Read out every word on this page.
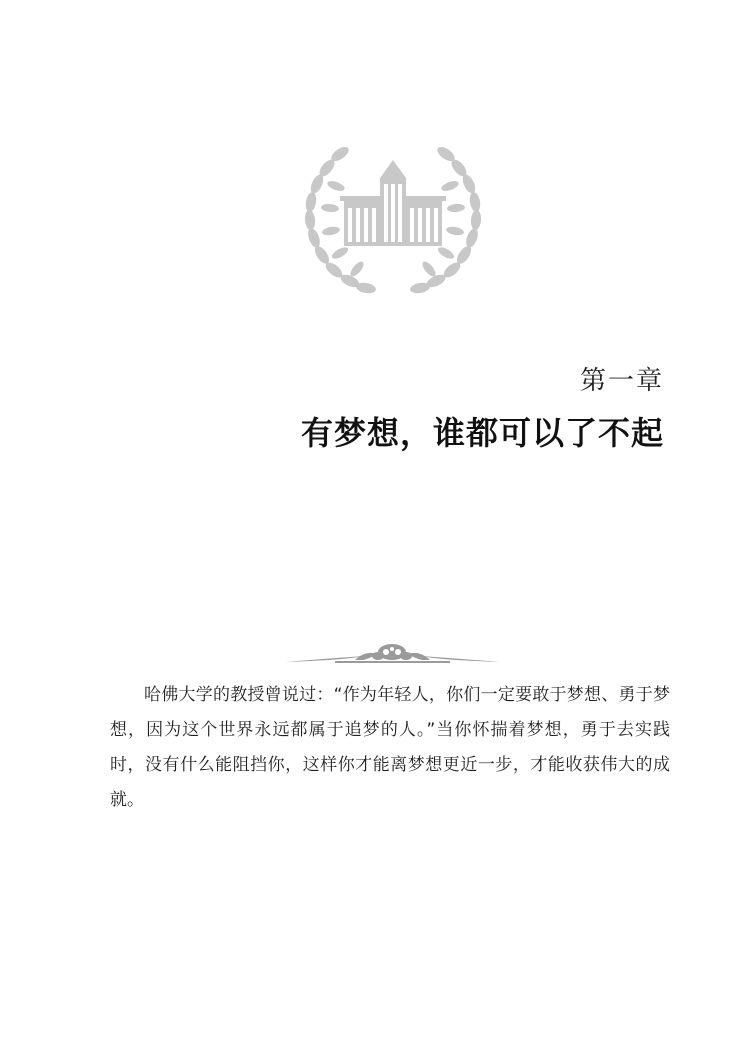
第一章
有梦想，谁都可以了不起

哈佛大学的教授曾说过：“作为年轻人，你们一定要敢于梦想、勇于梦想，因为这个世界永远都属于追梦的人。”当你怀揣着梦想，勇于去实践时，没有什么能阻挡你，这样你才能离梦想更近一步，才能收获伟大的成就。
